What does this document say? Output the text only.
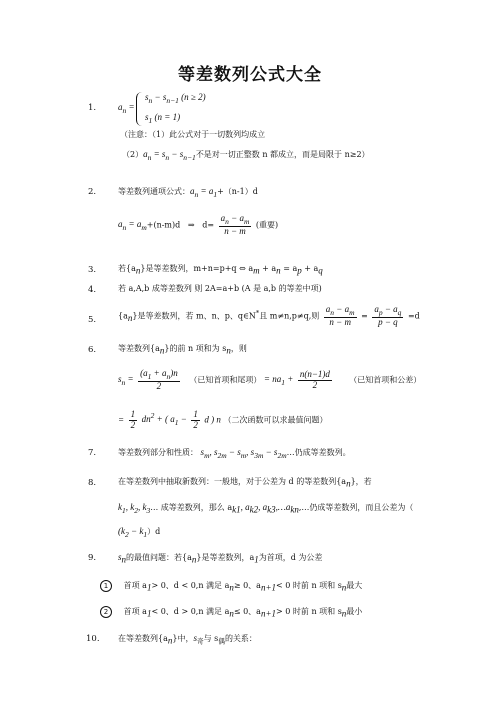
等差数列公式大全
1.	$a_n$ =
$s_n - s_{n-1}$ (n ≥ 2)
$s_1$ (n = 1)
（注意：（1）此公式对于一切数列均成立
$(2)a_n = s_n - s_{n-1}$不是对一切正整数 n 都成立，而是局限于 n≥2）
2.	等差数列通项公式：$a_n = a_1+(n-1)d$
$a_n = a_m+(n-m)d$ ⇒ $d= \frac{a_n - a_m}{n - m}$ (重要)
3.	若$\{a_n\}$是等差数列，m+n=p+q ⇔ $a_m + a_n = a_p + a_q$
4.	若 a,A,b 成等差数列 则 2A=a+b (A 是 a,b 的等差中项)
5.	$\{a_n\}$是等差数列，若 m、n、p、q∈N*且 m≠n,p≠q,则 $\frac{a_n - a_m}{n - m} = \frac{a_p - a_q}{p - q} =d$
6.	等差数列$\{a_n\}$的前 n 项和为 $s_n$，则
$s_n = \frac{(a_1 + a_n)n}{2}$ （已知首项和尾项） = $na_1 + \frac{n(n-1)d}{2}$ （已知首项和公差）
= $\frac{1}{2} dn^2$ + ( $a_1 - \frac{1}{2}$ d ) n （二次函数可以求最值问题）
7.	等差数列部分和性质： $s_m$, $s_{2m} - s_m$, $s_{3m}$ − $s_{2m}\dots$仍成等差数列。
8.	在等差数列中抽取新数列：一般地，对于公差为 d 的等差数列$\{a_n\}$，若
$k_1$, $k_2$, $k_3\dots$ 成等差数列，那么 $a_{k1}$, $a_{k2}$, $a_{k3},\dots a_{kn},\dots$仍成等差数列，而且公差为（
$(k_2 - k_1)d$
9.	$s_n$的最值问题：若$\{a_n\}$是等差数列，$a_1$为首项，d 为公差
1 首项 $a_1> 0$、d < 0,n 满足 $a_n\ge 0$、$a_{n+1}< 0$ 时前 n 项和 $s_n$最大
2 首项 $a_1< 0$、d > 0,n 满足 $a_n\le 0$、$a_{n+1}> 0$ 时前 n 项和 $s_n$最小
10.	在等差数列$\{a_n\}$中，$s_奇$与 $s_偶$的关系：
